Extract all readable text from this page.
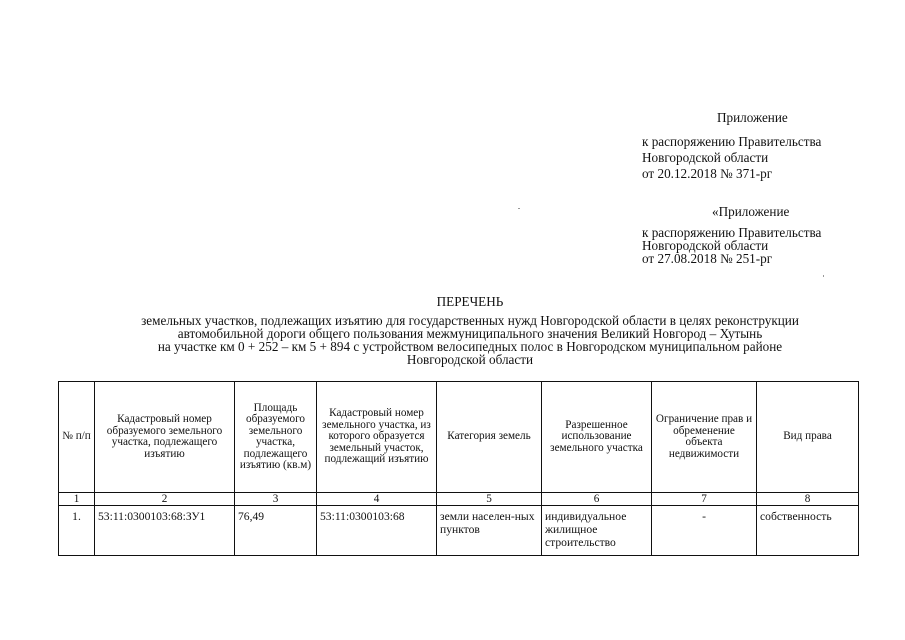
Приложение
к распоряжению Правительства
Новгородской области
от 20.12.2018 № 371-рг
«Приложение
к распоряжению Правительства
Новгородской области
от 27.08.2018 № 251-рг
ПЕРЕЧЕНЬ
земельных участков, подлежащих изъятию для государственных нужд Новгородской области в целях реконструкции
автомобильной дороги общего пользования межмуниципального значения Великий Новгород – Хутынь
на участке км 0 + 252 – км 5 + 894 с устройством велосипедных полос в Новгородском муниципальном районе
Новгородской области
№ п/п	Кадастровый номер образуемого земельного участка, подлежащего изъятию	Площадь образуемого земельного участка, подлежащего изъятию (кв.м)	Кадастровый номер земельного участка, из которого образуется земельный участок, подлежащий изъятию	Категория земель	Разрешенное использование земельного участка	Ограничение прав и обременение объекта недвижимости	Вид права
1	2	3	4	5	6	7	8
1.	53:11:0300103:68:ЗУ1	76,49	53:11:0300103:68	земли населен-ных пунктов	индивидуальное жилищное строительство	-	собственность
